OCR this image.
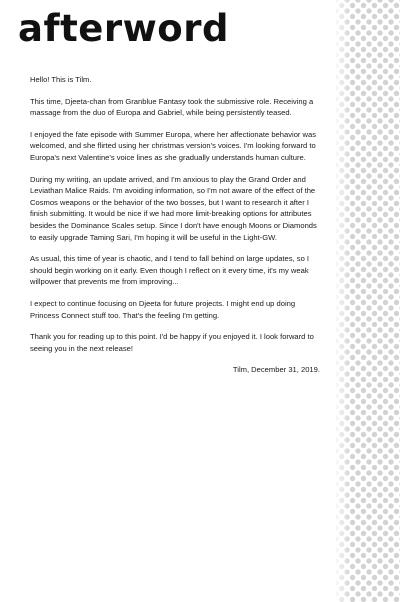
afterword

Hello! This is Tilm.

This time, Djeeta-chan from Granblue Fantasy took the submissive role. Receiving a massage from the duo of Europa and Gabriel, while being persistently teased.

I enjoyed the fate episode with Summer Europa, where her affectionate behavior was welcomed, and she flirted using her christmas version's voices. I'm looking forward to Europa's next Valentine's voice lines as she gradually understands human culture.

During my writing, an update arrived, and I'm anxious to play the Grand Order and Leviathan Malice Raids. I'm avoiding information, so I'm not aware of the effect of the Cosmos weapons or the behavior of the two bosses, but I want to research it after I finish submitting. It would be nice if we had more limit-breaking options for attributes besides the Dominance Scales setup. Since I don't have enough Moons or Diamonds to easily upgrade Taming Sari, I'm hoping it will be useful in the Light-GW.

As usual, this time of year is chaotic, and I tend to fall behind on large updates, so I should begin working on it early. Even though I reflect on it every time, it's my weak willpower that prevents me from improving...

I expect to continue focusing on Djeeta for future projects. I might end up doing Princess Connect stuff too. That's the feeling I'm getting.

Thank you for reading up to this point. I'd be happy if you enjoyed it. I look forward to seeing you in the next release!

Tilm, December 31, 2019.
